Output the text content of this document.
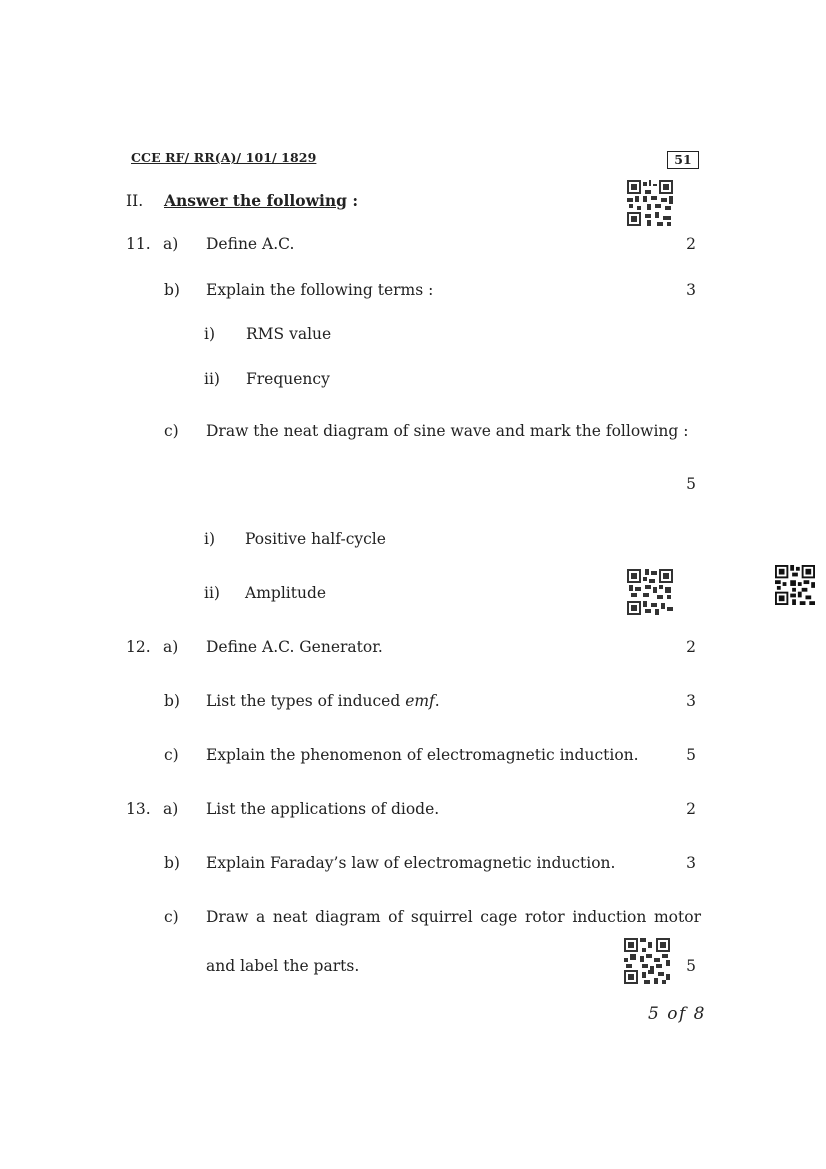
CCE RF/ RR(A)/ 101/ 1829	51
II. Answer the following :
11. a) Define A.C.	2
b) Explain the following terms :	3
i) RMS value
ii) Frequency
c) Draw the neat diagram of sine wave and mark the following :
5
i) Positive half-cycle
ii) Amplitude
12. a) Define A.C. Generator.	2
b) List the types of induced emf.	3
c) Explain the phenomenon of electromagnetic induction.	5
13. a) List the applications of diode.	2
b) Explain Faraday’s law of electromagnetic induction.	3
c) Draw a neat diagram of squirrel cage rotor induction motor
and label the parts.	5
5 of 8
